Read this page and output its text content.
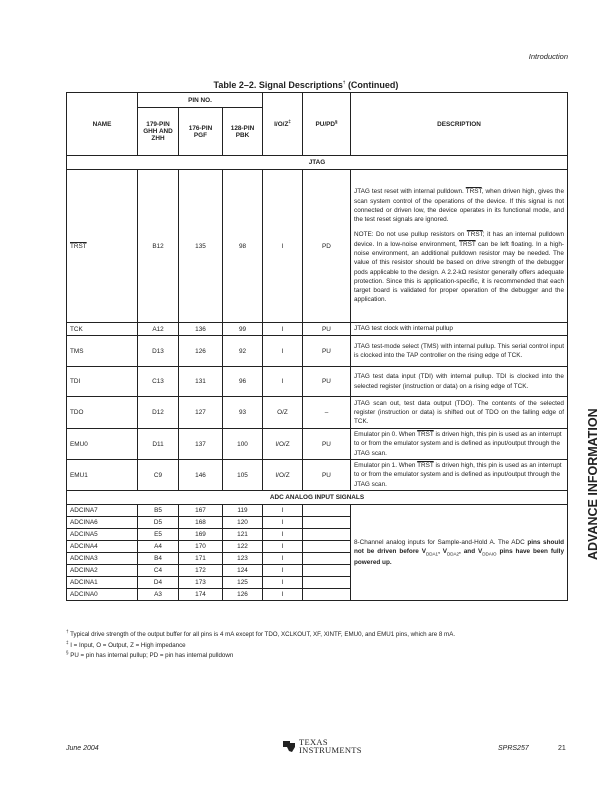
Introduction
Table 2–2. Signal Descriptions† (Continued)
NAME	PIN NO.			I/O/Z‡	PU/PD§	DESCRIPTION
	179-PIN GHH AND ZHH	176-PIN PGF	128-PIN PBK			
JTAG						
TRST	B12	135	98	I	PD	JTAG test reset with internal pulldown. TRST, when driven high, gives the scan system control of the operations of the device. If this signal is not connected or driven low, the device operates in its functional mode, and the test reset signals are ignored.

NOTE: Do not use pullup resistors on TRST; it has an internal pulldown device. In a low-noise environment, TRST can be left floating. In a high-noise environment, an additional pulldown resistor may be needed. The value of this resistor should be based on drive strength of the debugger pods applicable to the design. A 2.2-kΩ resistor generally offers adequate protection. Since this is application-specific, it is recommended that each target board is validated for proper operation of the debugger and the application.

TCK	A12	136	99	I	PU	JTAG test clock with internal pullup
TMS	D13	126	92	I	PU	JTAG test-mode select (TMS) with internal pullup. This serial control input is clocked into the TAP controller on the rising edge of TCK.
TDI	C13	131	96	I	PU	JTAG test data input (TDI) with internal pullup. TDI is clocked into the selected register (instruction or data) on a rising edge of TCK.
TDO	D12	127	93	O/Z	–	JTAG scan out, test data output (TDO). The contents of the selected register (instruction or data) is shifted out of TDO on the falling edge of TCK.
EMU0	D11	137	100	I/O/Z	PU	Emulator pin 0. When TRST is driven high, this pin is used as an interrupt to or from the emulator system and is defined as input/output through the JTAG scan.
EMU1	C9	146	105	I/O/Z	PU	Emulator pin 1. When TRST is driven high, this pin is used as an interrupt to or from the emulator system and is defined as input/output through the JTAG scan.
ADC ANALOG INPUT SIGNALS						
ADCINA7	B5	167	119	I		8-Channel analog inputs for Sample-and-Hold A. The ADC pins should not be driven before $V_{DDA1}$, $V_{DDA2}$, and $V_{DDAIO}$ pins have been fully powered up.
ADCINA6	D5	168	120	I		
ADCINA5	E5	169	121	I		
ADCINA4	A4	170	122	I		
ADCINA3	B4	171	123	I		
ADCINA2	C4	172	124	I		
ADCINA1	D4	173	125	I		
ADCINA0	A3	174	126	I		
† Typical drive strength of the output buffer for all pins is 4 mA except for TDO, XCLKOUT, XF, XINTF, EMU0, and EMU1 pins, which are 8 mA.
‡ I = Input, O = Output, Z = High impedance
§ PU = pin has internal pullup; PD = pin has internal pulldown
ADVANCE INFORMATION
June 2004
TEXAS
INSTRUMENTS	SPRS257	21
